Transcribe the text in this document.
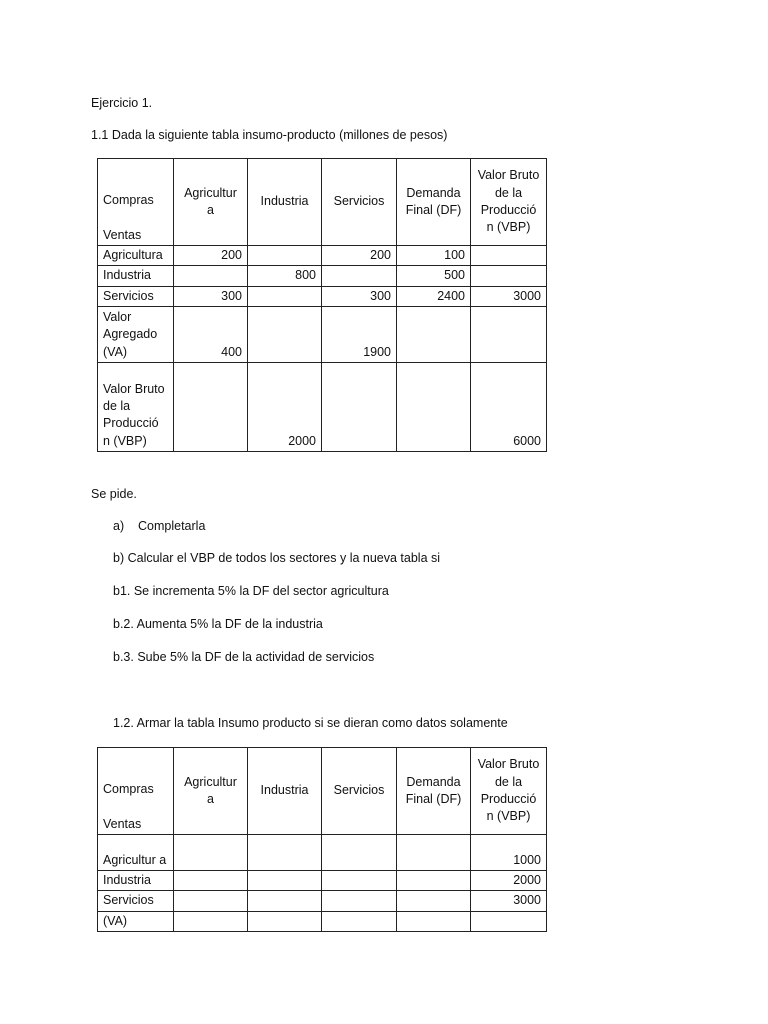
Ejercicio 1.
1.1 Dada la siguiente tabla insumo-producto (millones de pesos)
Compras
Ventas	Agricultur a	Industria	Servicios	Demanda Final (DF)	Valor Bruto de la Producció n (VBP)
Agricultura	200		200	100	
Industria		800		500	
Servicios	300		300	2400	3000
Valor Agregado (VA)	400		1900		
Valor Bruto de la Producció n (VBP)		2000			6000
Se pide.
a)    Completarla
b) Calcular el VBP de todos los sectores y la nueva tabla si
b1. Se incrementa 5% la DF del sector agricultura
b.2. Aumenta 5% la DF de la industria
b.3. Sube 5% la DF de la actividad de servicios
1.2. Armar la tabla Insumo producto si se dieran como datos solamente
Compras
Ventas	Agricultur a	Industria	Servicios	Demanda Final (DF)	Valor Bruto de la Producció n (VBP)
Agricultur a					1000
Industria					2000
Servicios					3000
(VA)					
